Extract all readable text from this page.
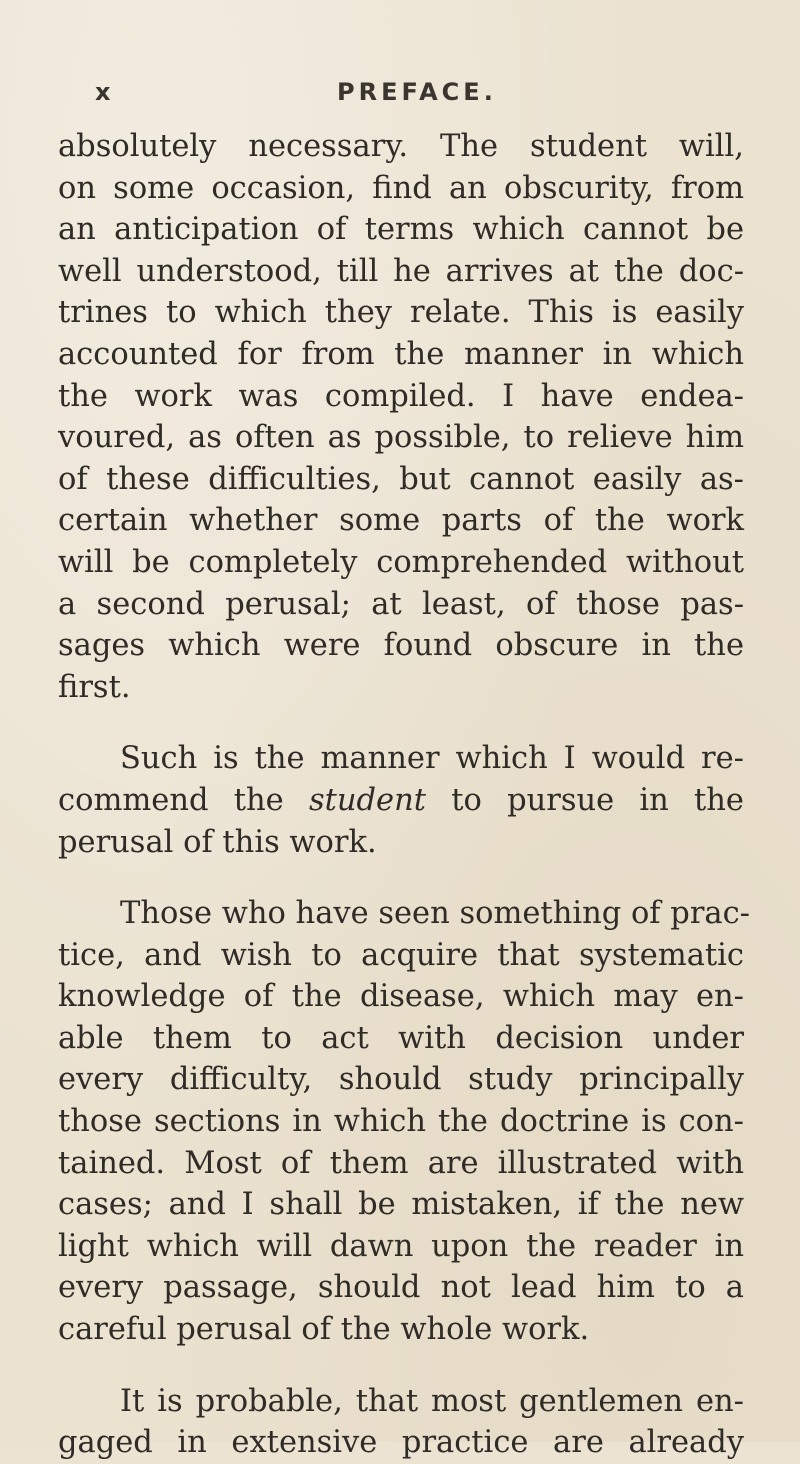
x	PREFACE.
absolutely necessary. The student will,
on some occasion, find an obscurity, from
an anticipation of terms which cannot be
well understood, till he arrives at the doc-
trines to which they relate. This is easily
accounted for from the manner in which
the work was compiled. I have endea-
voured, as often as possible, to relieve him
of these difficulties, but cannot easily as-
certain whether some parts of the work
will be completely comprehended without
a second perusal; at least, of those pas-
sages which were found obscure in the
first.
Such is the manner which I would re-
commend the student to pursue in the
perusal of this work.
Those who have seen something of prac-
tice, and wish to acquire that systematic
knowledge of the disease, which may en-
able them to act with decision under
every difficulty, should study principally
those sections in which the doctrine is con-
tained. Most of them are illustrated with
cases; and I shall be mistaken, if the new
light which will dawn upon the reader in
every passage, should not lead him to a
careful perusal of the whole work.
It is probable, that most gentlemen en-
gaged in extensive practice are already
